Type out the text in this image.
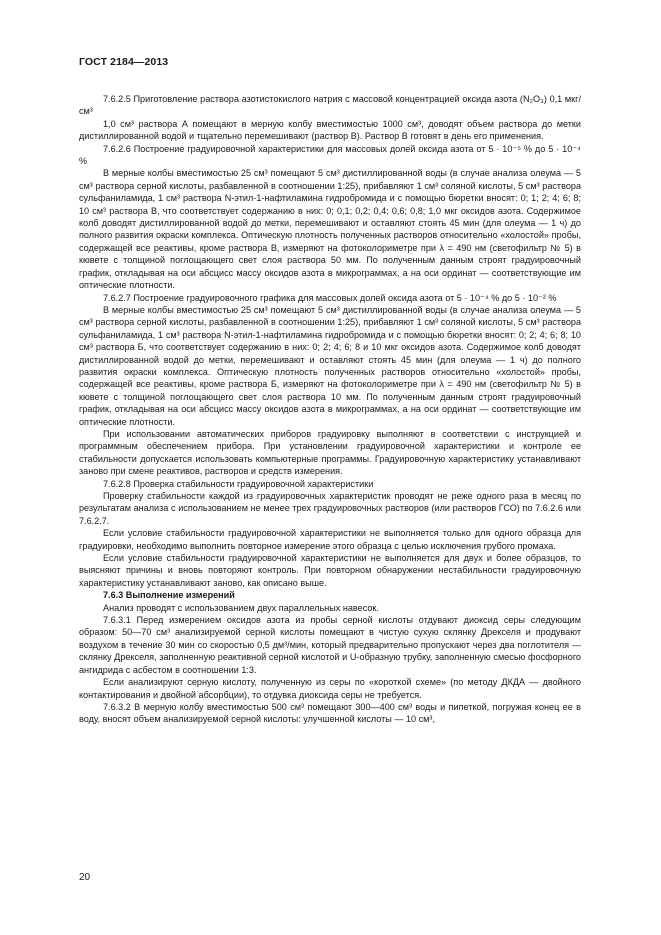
ГОСТ 2184—2013

7.6.2.5 Приготовление раствора азотистокислого натрия с массовой концентрацией оксида азота (N₂O₃) 0,1 мкг/см³

1,0 см³ раствора А помещают в мерную колбу вместимостью 1000 см³, доводят объем раствора до метки дистиллированной водой и тщательно перемешивают (раствор В). Раствор В готовят в день его применения.

7.6.2.6 Построение градуировочной характеристики для массовых долей оксида азота от 5 · 10⁻⁵ % до 5 · 10⁻⁴ %

В мерные колбы вместимостью 25 см³ помещают 5 см³ дистиллированной воды (в случае анализа олеума — 5 см³ раствора серной кислоты, разбавленной в соотношении 1:25), прибавляют 1 см³ соляной кислоты, 5 см³ раствора сульфаниламида, 1 см³ раствора N-этил-1-нафтиламина гидробромида и с помощью бюретки вносят: 0; 1; 2; 4; 6; 8; 10 см³ раствора В, что соответствует содержанию в них: 0; 0,1; 0,2; 0,4; 0,6; 0,8; 1,0 мкг оксидов азота. Содержимое колб доводят дистиллированной водой до метки, перемешивают и оставляют стоять 45 мин (для олеума — 1 ч) до полного развития окраски комплекса. Оптическую плотность полученных растворов относительно «холостой» пробы, содержащей все реактивы, кроме раствора В, измеряют на фотоколориметре при λ = 490 нм (светофильтр № 5) в кювете с толщиной поглощающего свет слоя раствора 50 мм. По полученным данным строят градуировочный график, откладывая на оси абсцисс массу оксидов азота в микрограммах, а на оси ординат — соответствующие им оптические плотности.

7.6.2.7 Построение градуировочного графика для массовых долей оксида азота от 5 · 10⁻⁴ % до 5 · 10⁻² %

В мерные колбы вместимостью 25 см³ помещают 5 см³ дистиллированной воды (в случае анализа олеума — 5 см³ раствора серной кислоты, разбавленной в соотношении 1:25), прибавляют 1 см³ соляной кислоты, 5 см³ раствора сульфаниламида, 1 см³ раствора N-этил-1-нафтиламина гидробромида и с помощью бюретки вносят: 0; 2; 4; 6; 8; 10 см³ раствора Б, что соответствует содержанию в них: 0; 2; 4; 6; 8 и 10 мкг оксидов азота. Содержимое колб доводят дистиллированной водой до метки, перемешивают и оставляют стоять 45 мин (для олеума — 1 ч) до полного развития окраски комплекса. Оптическую плотность полученных растворов относительно «холостой» пробы, содержащей все реактивы, кроме раствора Б, измеряют на фотоколориметре при λ = 490 нм (светофильтр № 5) в кювете с толщиной поглощающего свет слоя раствора 10 мм. По полученным данным строят градуировочный график, откладывая на оси абсцисс массу оксидов азота в микрограммах, а на оси ординат — соответствующие им оптические плотности.

При использовании автоматических приборов градуировку выполняют в соответствии с инструкцией и программным обеспечением прибора. При установлении градуировочной характеристики и контроле ее стабильности допускается использовать компьютерные программы. Градуировочную характеристику устанавливают заново при смене реактивов, растворов и средств измерения.

7.6.2.8 Проверка стабильности градуировочной характеристики

Проверку стабильности каждой из градуировочных характеристик проводят не реже одного раза в месяц по результатам анализа с использованием не менее трех градуировочных растворов (или растворов ГСО) по 7.6.2.6 или 7.6.2.7.

Если условие стабильности градуировочной характеристики не выполняется только для одного образца для градуировки, необходимо выполнить повторное измерение этого образца с целью исключения грубого промаха.

Если условие стабильности градуировочной характеристики не выполняется для двух и более образцов, то выясняют причины и вновь повторяют контроль. При повторном обнаружении нестабильности градуировочную характеристику устанавливают заново, как описано выше.

7.6.3 Выполнение измерений

Анализ проводят с использованием двух параллельных навесок.

7.6.3.1 Перед измерением оксидов азота из пробы серной кислоты отдувают диоксид серы следующим образом: 50—70 см³ анализируемой серной кислоты помещают в чистую сухую склянку Дрекселя и продувают воздухом в течение 30 мин со скоростью 0,5 дм³/мин, который предварительно пропускают через два поглотителя — склянку Дрекселя, заполненную реактивной серной кислотой и U-образную трубку, заполненную смесью фосфорного ангидрида с асбестом в соотношении 1:3.

Если анализируют серную кислоту, полученную из серы по «короткой схеме» (по методу ДКДА — двойного контактирования и двойной абсорбции), то отдувка диоксида серы не требуется.

7.6.3.2 В мерную колбу вместимостью 500 см³ помещают 300—400 см³ воды и пипеткой, погружая конец ее в воду, вносят объем анализируемой серной кислоты: улучшенной кислоты — 10 см³,

20
